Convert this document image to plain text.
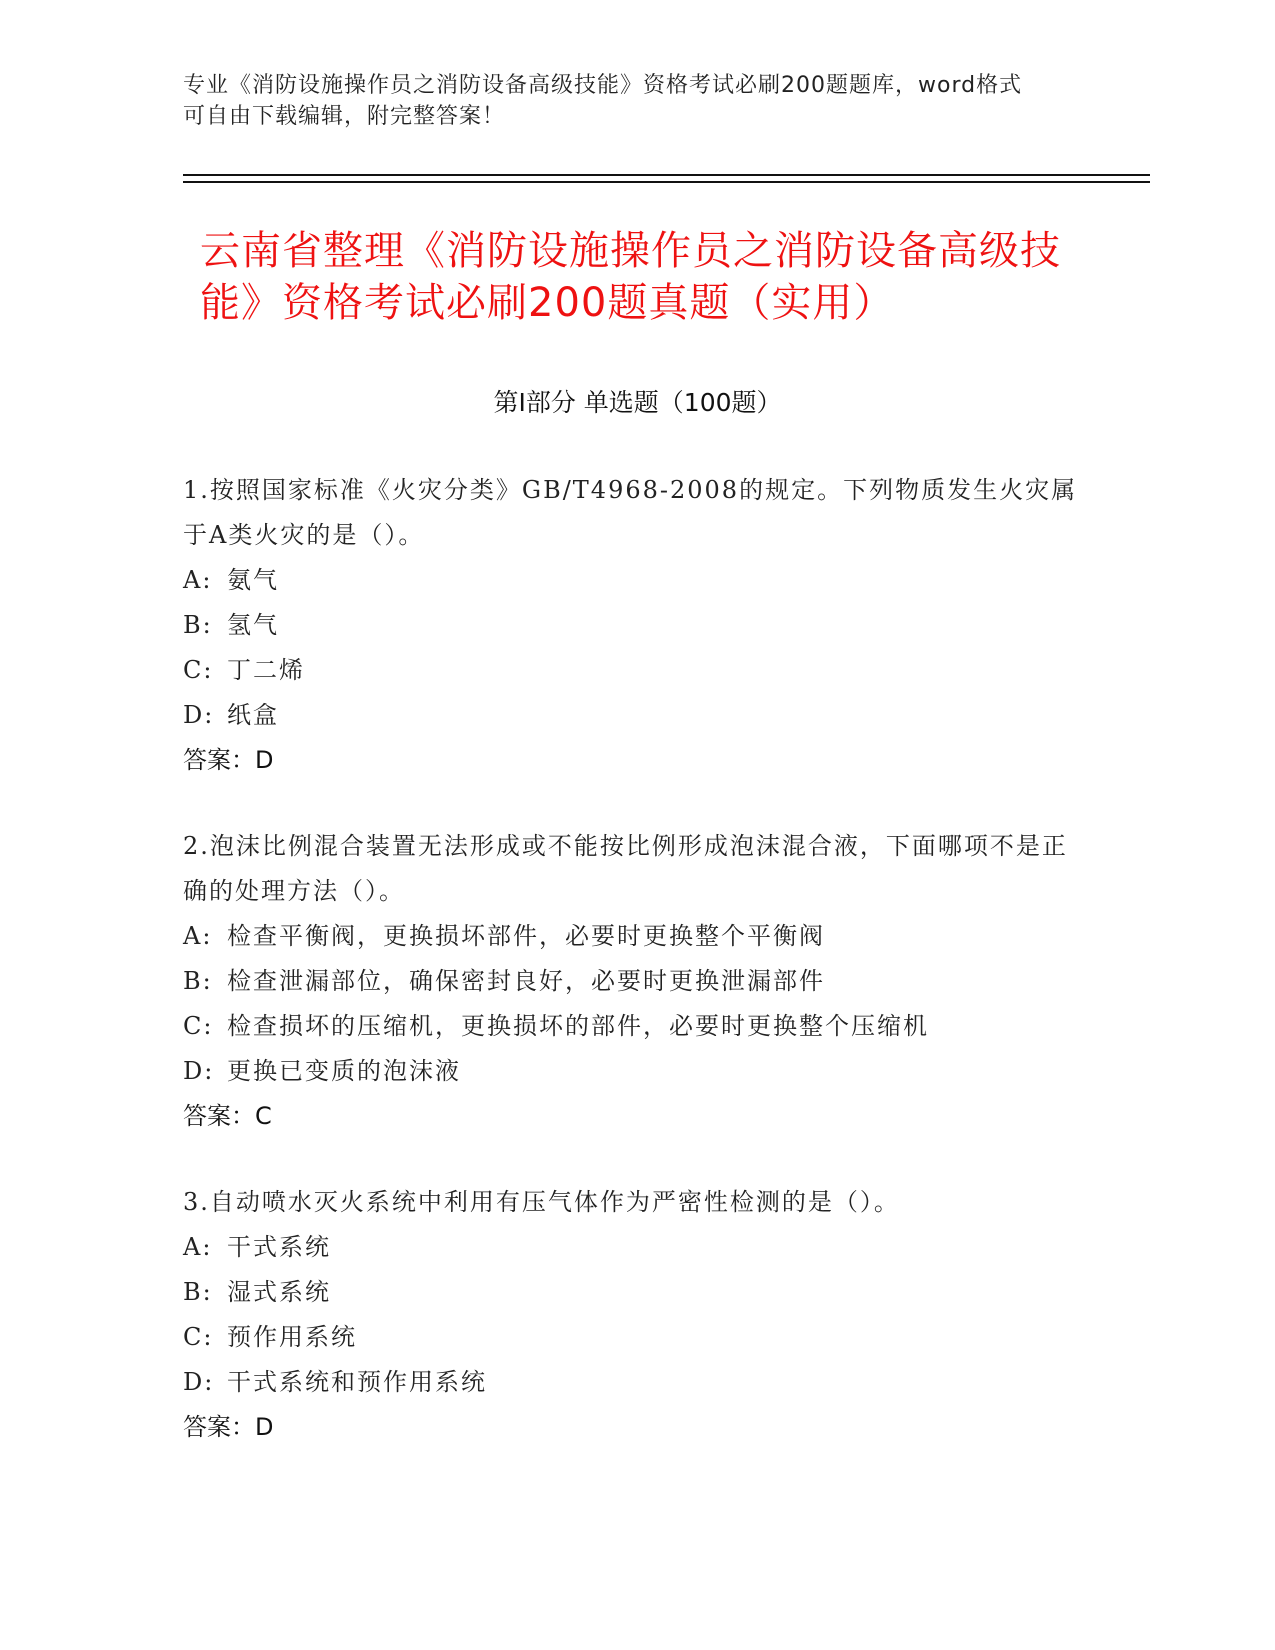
专业《消防设施操作员之消防设备高级技能》资格考试必刷200题题库，word格式可自由下载编辑，附完整答案！
云南省整理《消防设施操作员之消防设备高级技能》资格考试必刷200题真题（实用）
第I部分 单选题（100题）
1.按照国家标准《火灾分类》GB/T4968-2008的规定。下列物质发生火灾属于A类火灾的是（）。
A: 氨气
B: 氢气
C: 丁二烯
D: 纸盒
答案：D
2.泡沫比例混合装置无法形成或不能按比例形成泡沫混合液，下面哪项不是正确的处理方法（）。
A: 检查平衡阀，更换损坏部件，必要时更换整个平衡阀
B: 检查泄漏部位，确保密封良好，必要时更换泄漏部件
C: 检查损坏的压缩机，更换损坏的部件，必要时更换整个压缩机
D: 更换已变质的泡沫液
答案：C
3.自动喷水灭火系统中利用有压气体作为严密性检测的是（）。
A: 干式系统
B: 湿式系统
C: 预作用系统
D: 干式系统和预作用系统
答案：D
